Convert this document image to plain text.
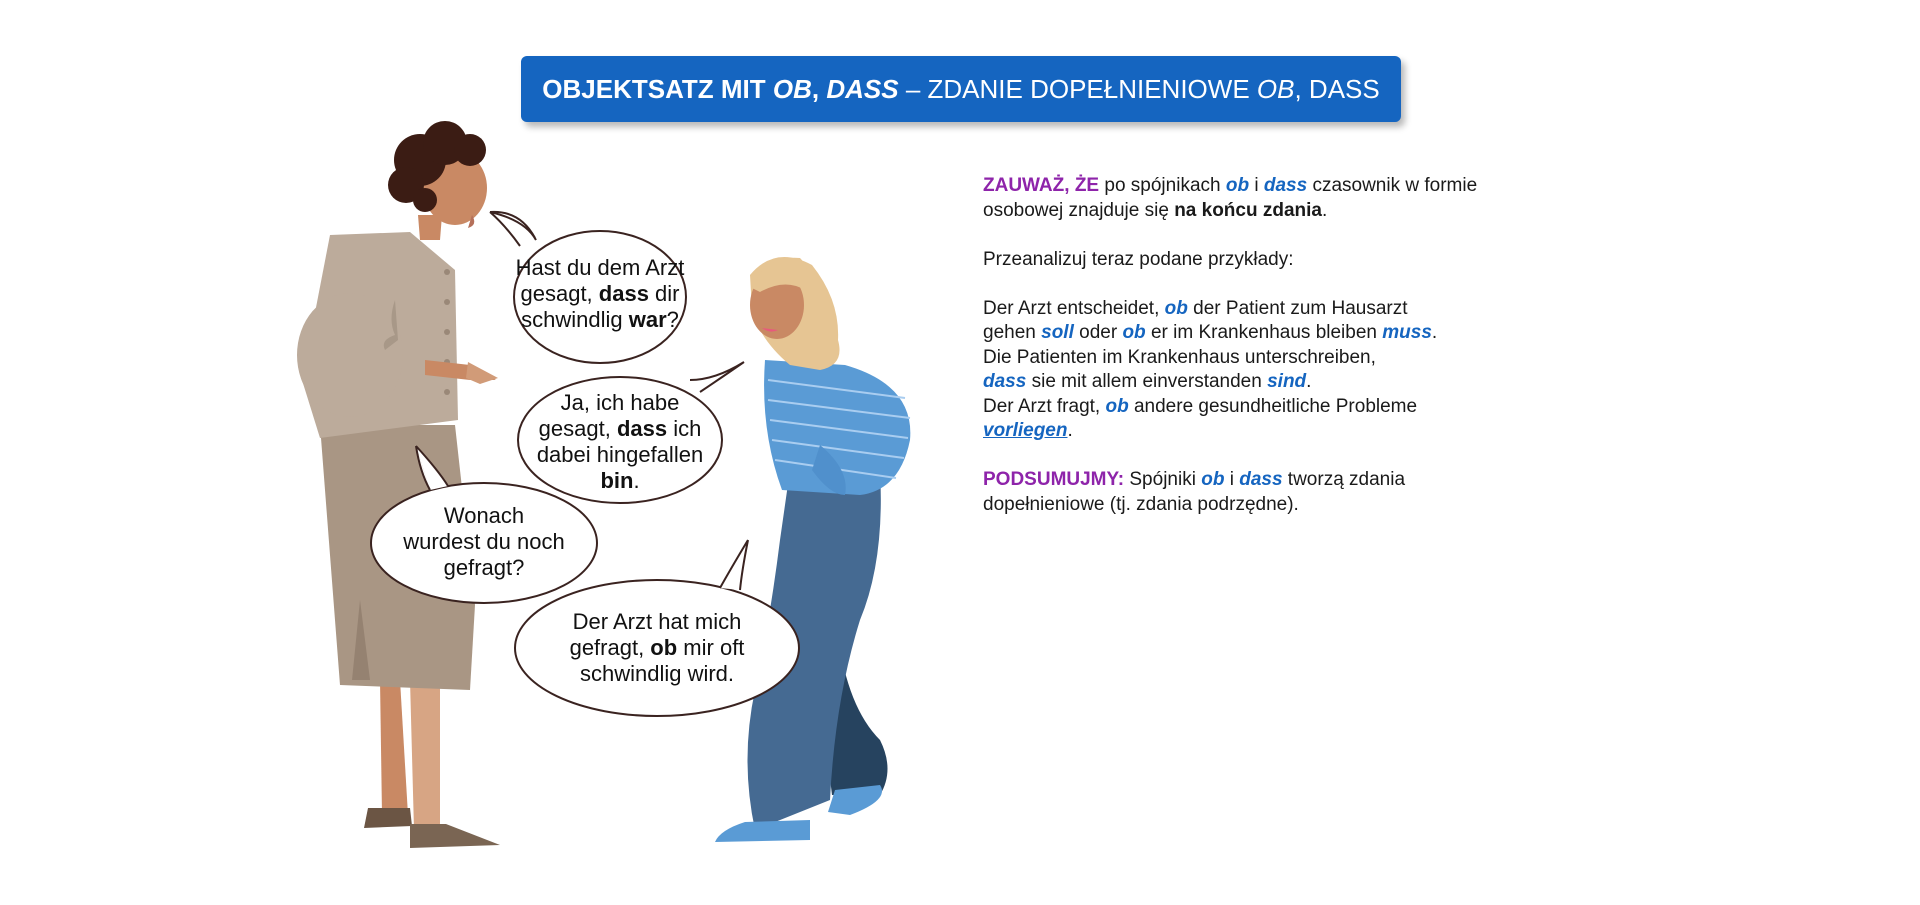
OBJEKTSATZ MIT OB, DASS – ZDANIE DOPEŁNIENIOWE OB, DASS
Hast du dem Arzt
gesagt, dass dir
schwindlig war?
Ja, ich habe
gesagt, dass ich
dabei hingefallen
bin.
Wonach
wurdest du noch
gefragt?
Der Arzt hat mich
gefragt, ob mir oft
schwindlig wird.

ZAUWAŻ, ŻE po spójnikach ob i dass czasownik w formie

osobowej znajduje się na końcu zdania.

Przeanalizuj teraz podane przykłady:

Der Arzt entscheidet, ob der Patient zum Hausarzt

gehen soll oder ob er im Krankenhaus bleiben muss.

Die Patienten im Krankenhaus unterschreiben,

dass sie mit allem einverstanden sind.

Der Arzt fragt, ob andere gesundheitliche Probleme

vorliegen.

PODSUMUJMY: Spójniki ob i dass tworzą zdania

dopełnieniowe (tj. zdania podrzędne).
